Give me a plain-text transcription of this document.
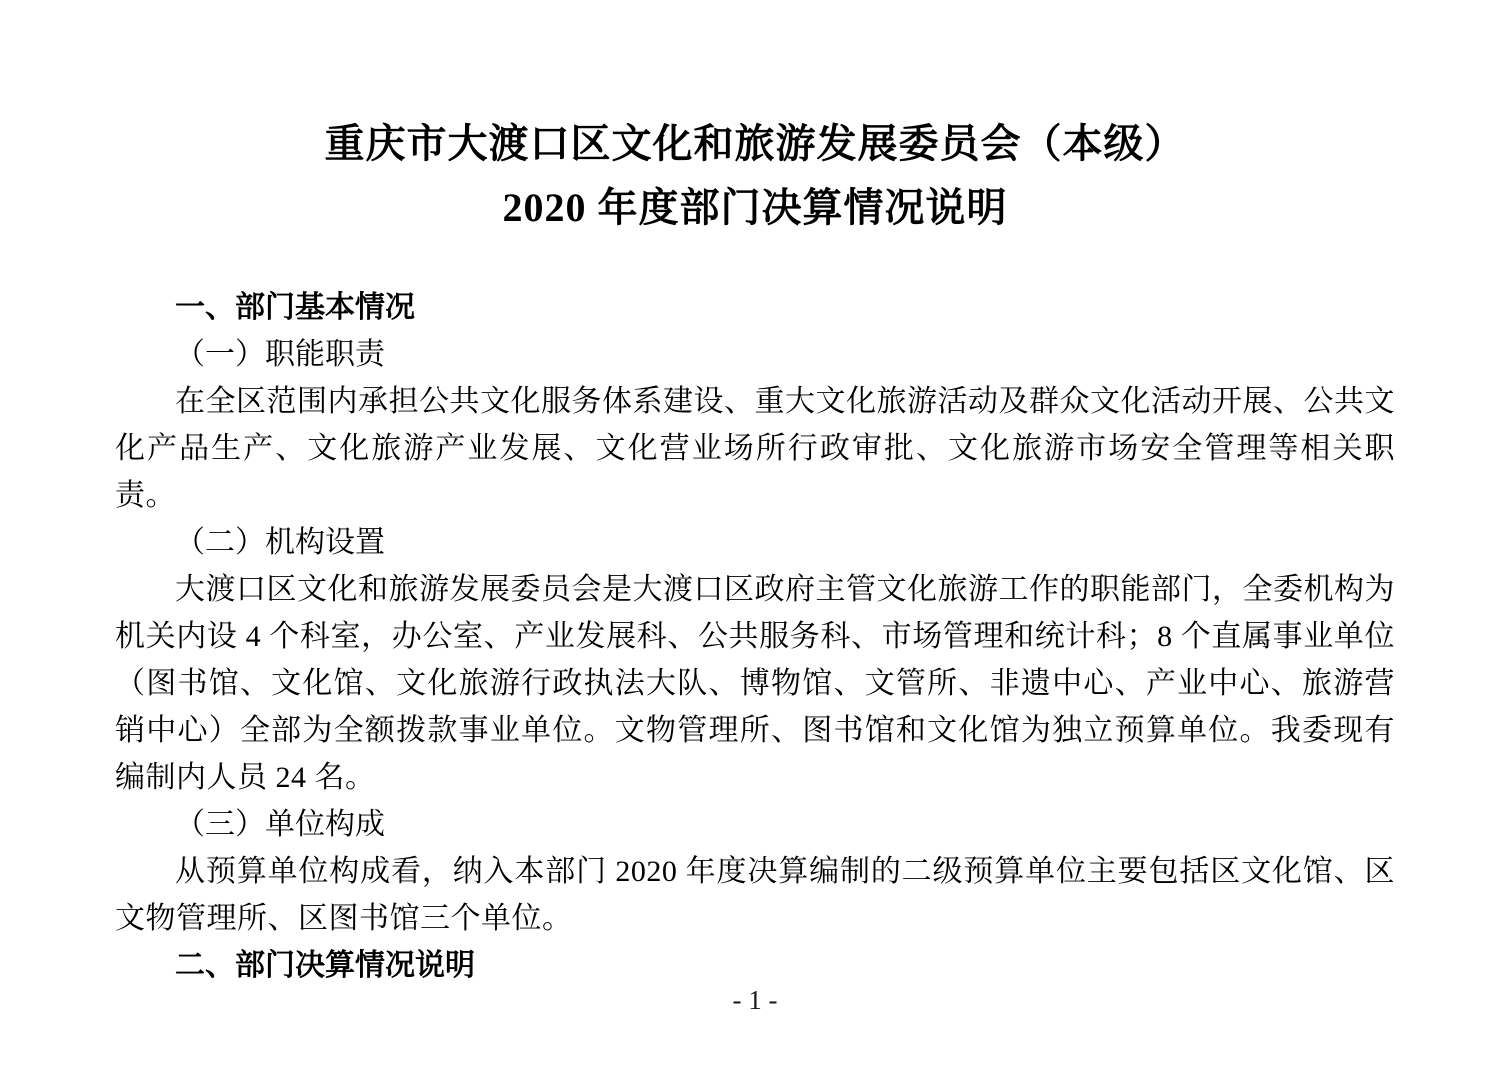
重庆市大渡口区文化和旅游发展委员会（本级）
2020 年度部门决算情况说明
一、部门基本情况
（一）职能职责

在全区范围内承担公共文化服务体系建设、重大文化旅游活动及群众文化活动开展、公共文化产品生产、文化旅游产业发展、文化营业场所行政审批、文化旅游市场安全管理等相关职责。

（二）机构设置

大渡口区文化和旅游发展委员会是大渡口区政府主管文化旅游工作的职能部门，全委机构为机关内设 4 个科室，办公室、产业发展科、公共服务科、市场管理和统计科；8 个直属事业单位（图书馆、文化馆、文化旅游行政执法大队、博物馆、文管所、非遗中心、产业中心、旅游营销中心）全部为全额拨款事业单位。文物管理所、图书馆和文化馆为独立预算单位。我委现有编制内人员 24 名。

（三）单位构成

从预算单位构成看，纳入本部门 2020 年度决算编制的二级预算单位主要包括区文化馆、区文物管理所、区图书馆三个单位。

二、部门决算情况说明
- 1 -
